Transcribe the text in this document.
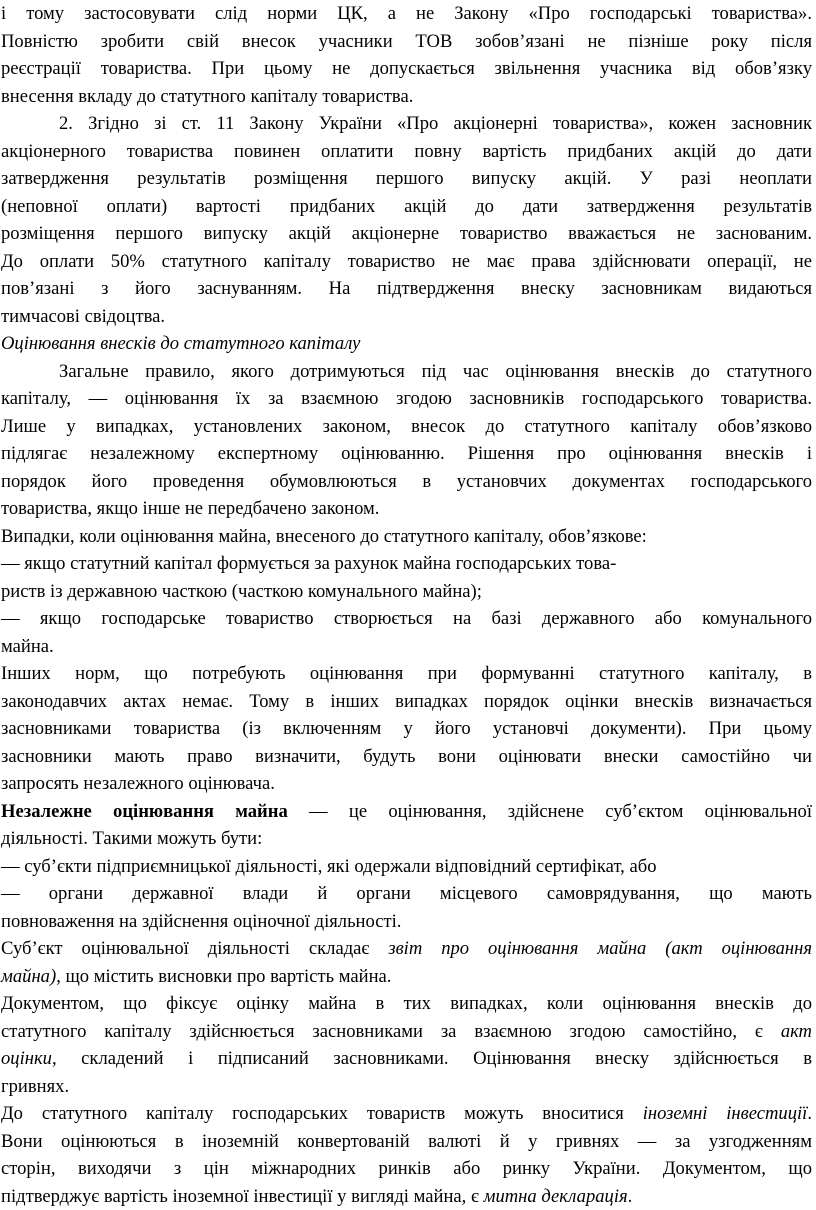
і тому застосовувати слід норми ЦК, а не Закону «Про господарські товариства».
Повністю зробити свій внесок учасники ТОВ зобов’язані не пізніше року після
реєстрації товариства. При цьому не допускається звільнення учасника від обов’язку
внесення вкладу до статутного капіталу товариства.
2. Згідно зі ст. 11 Закону України «Про акціонерні товариства», кожен засновник
акціонерного товариства повинен оплатити повну вартість придбаних акцій до дати
затвердження результатів розміщення першого випуску акцій. У разі неоплати
(неповної оплати) вартості придбаних акцій до дати затвердження результатів
розміщення першого випуску акцій акціонерне товариство вважається не заснованим.
До оплати 50% статутного капіталу товариство не має права здійснювати операції, не
пов’язані з його заснуванням. На підтвердження внеску засновникам видаються
тимчасові свідоцтва.
Оцінювання внесків до статутного капіталу
Загальне правило, якого дотримуються під час оцінювання внесків до статутного
капіталу, — оцінювання їх за взаємною згодою засновників господарського товариства.
Лише у випадках, установлених законом, внесок до статутного капіталу обов’язково
підлягає незалежному експертному оцінюванню. Рішення про оцінювання внесків і
порядок його проведення обумовлюються в установчих документах господарського
товариства, якщо інше не передбачено законом.
Випадки, коли оцінювання майна, внесеного до статутного капіталу, обов’язкове:
— якщо статутний капітал формується за рахунок майна господарських това-
риств із державною часткою (часткою комунального майна);
— якщо господарське товариство створюється на базі державного або комунального
майна.
Інших норм, що потребують оцінювання при формуванні статутного капіталу, в
законодавчих актах немає. Тому в інших випадках порядок оцінки внесків визначається
засновниками товариства (із включенням у його установчі документи). При цьому
засновники мають право визначити, будуть вони оцінювати внески самостійно чи
запросять незалежного оцінювача.
Незалежне оцінювання майна — це оцінювання, здійснене суб’єктом оцінювальної
діяльності. Такими можуть бути:
— суб’єкти підприємницької діяльності, які одержали відповідний сертифікат, або
— органи державної влади й органи місцевого самоврядування, що мають
повноваження на здійснення оціночної діяльності.
Суб’єкт оцінювальної діяльності складає звіт про оцінювання майна (акт оцінювання
майна), що містить висновки про вартість майна.
Документом, що фіксує оцінку майна в тих випадках, коли оцінювання внесків до
статутного капіталу здійснюється засновниками за взаємною згодою самостійно, є акт
оцінки, складений і підписаний засновниками. Оцінювання внеску здійснюється в
гривнях.
До статутного капіталу господарських товариств можуть вноситися іноземні інвестиції.
Вони оцінюються в іноземній конвертованій валюті й у гривнях — за узгодженням
сторін, виходячи з цін міжнародних ринків або ринку України. Документом, що
підтверджує вартість іноземної інвестиції у вигляді майна, є митна декларація.
